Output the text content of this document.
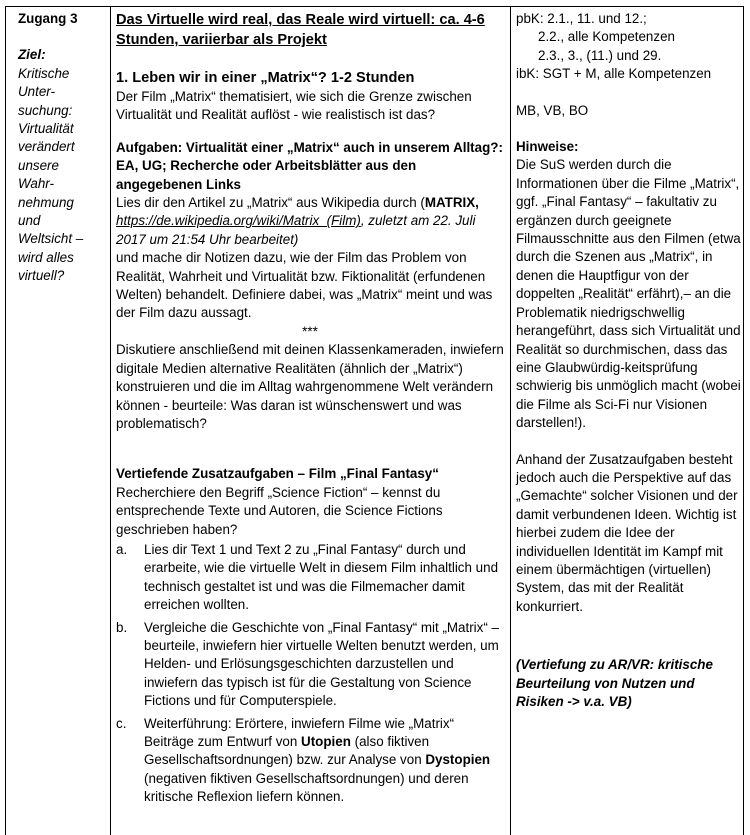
Zugang 3

Ziel:

Kritische

Unter-

suchung:

Virtualität

verändert

unsere

Wahr-

nehmung

und

Weltsicht –

wird alles

virtuell?

Das Virtuelle wird real, das Reale wird virtuell: ca. 4-6

Stunden, variierbar als Projekt

1. Leben wir in einer „Matrix“? 1-2 Stunden

Der Film „Matrix“ thematisiert, wie sich die Grenze zwischen Virtualität und Realität auflöst - wie realistisch ist das?

Aufgaben: Virtualität einer „Matrix“ auch in unserem Alltag?: EA, UG; Recherche oder Arbeitsblätter aus den angegebenen Links

Lies dir den Artikel zu „Matrix“ aus Wikipedia durch (MATRIX, https://de.wikipedia.org/wiki/Matrix_(Film), zuletzt am 22. Juli 2017 um 21:54 Uhr bearbeitet)

und mache dir Notizen dazu, wie der Film das Problem von Realität, Wahrheit und Virtualität bzw. Fiktionalität (erfundenen Welten) behandelt. Definiere dabei, was „Matrix“ meint und was der Film dazu aussagt.

***

Diskutiere anschließend mit deinen Klassenkameraden, inwiefern digitale Medien alternative Realitäten (ähnlich der „Matrix“) konstruieren und die im Alltag wahrgenommene Welt verändern können - beurteile: Was daran ist wünschenswert und was problematisch?

Vertiefende Zusatzaufgaben – Film „Final Fantasy“

Recherchiere den Begriff „Science Fiction“ – kennst du entsprechende Texte und Autoren, die Science Fictions geschrieben haben?

a. Lies dir Text 1 und Text 2 zu „Final Fantasy“ durch und erarbeite, wie die virtuelle Welt in diesem Film inhaltlich und technisch gestaltet ist und was die Filmemacher damit erreichen wollten.
b. Vergleiche die Geschichte von „Final Fantasy“ mit „Matrix“ – beurteile, inwiefern hier virtuelle Welten benutzt werden, um Helden- und Erlösungsgeschichten darzustellen und inwiefern das typisch ist für die Gestaltung von Science Fictions und für Computerspiele.
c. Weiterführung: Erörtere, inwiefern Filme wie „Matrix“ Beiträge zum Entwurf von Utopien (also fiktiven Gesellschaftsordnungen) bzw. zur Analyse von Dystopien (negativen fiktiven Gesellschaftsordnungen) und deren kritische Reflexion liefern können.

pbK: 2.1., 11. und 12.;

2.2., alle Kompetenzen

2.3., 3., (11.) und 29.

ibK: SGT + M, alle Kompetenzen

MB, VB, BO

Hinweise:

Die SuS werden durch die Informationen über die Filme „Matrix“, ggf. „Final Fantasy“ – fakultativ zu ergänzen durch geeignete Filmausschnitte aus den Filmen (etwa durch die Szenen aus „Matrix“, in denen die Hauptfigur von der doppelten „Realität“ erfährt),– an die Problematik niedrigschwellig herangeführt, dass sich Virtualität und Realität so durchmischen, dass das eine Glaubwürdig-keitsprüfung schwierig bis unmöglich macht (wobei die Filme als Sci-Fi nur Visionen darstellen!).

Anhand der Zusatzaufgaben besteht jedoch auch die Perspektive auf das „Gemachte“ solcher Visionen und der damit verbundenen Ideen. Wichtig ist hierbei zudem die Idee der individuellen Identität im Kampf mit einem übermächtigen (virtuellen) System, das mit der Realität konkurriert.

(Vertiefung zu AR/VR: kritische Beurteilung von Nutzen und Risiken -> v.a. VB)
